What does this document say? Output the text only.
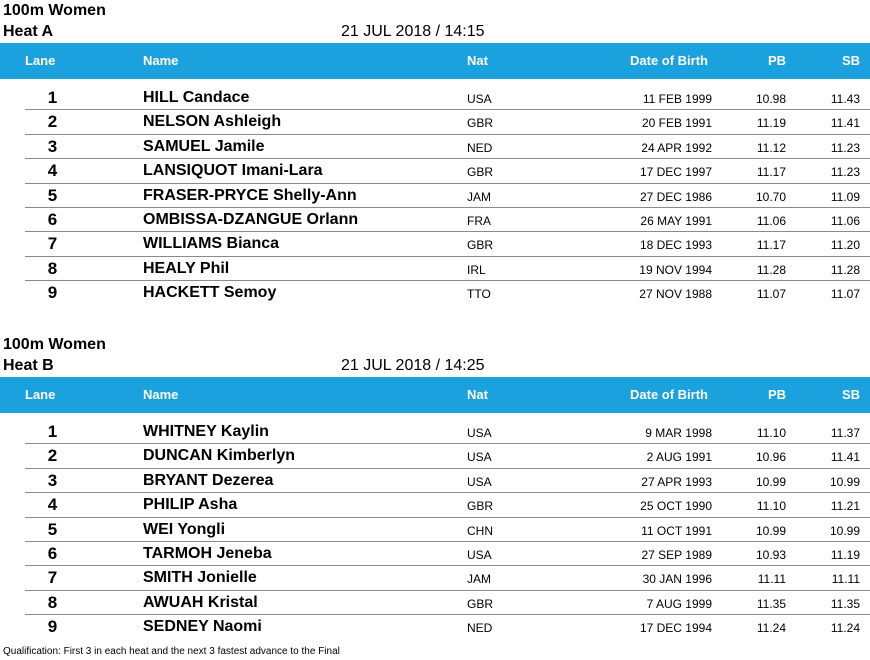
100m Women
Heat A	21 JUL 2018 / 14:15
Lane	Name	Nat	Date of Birth	PB	SB
1	HILL Candace	USA	11 FEB 1999	10.98	11.43
2	NELSON Ashleigh	GBR	20 FEB 1991	11.19	11.41
3	SAMUEL Jamile	NED	24 APR 1992	11.12	11.23
4	LANSIQUOT Imani-Lara	GBR	17 DEC 1997	11.17	11.23
5	FRASER-PRYCE Shelly-Ann	JAM	27 DEC 1986	10.70	11.09
6	OMBISSA-DZANGUE Orlann	FRA	26 MAY 1991	11.06	11.06
7	WILLIAMS Bianca	GBR	18 DEC 1993	11.17	11.20
8	HEALY Phil	IRL	19 NOV 1994	11.28	11.28
9	HACKETT Semoy	TTO	27 NOV 1988	11.07	11.07
100m Women
Heat B	21 JUL 2018 / 14:25
Lane	Name	Nat	Date of Birth	PB	SB
1	WHITNEY Kaylin	USA	9 MAR 1998	11.10	11.37
2	DUNCAN Kimberlyn	USA	2 AUG 1991	10.96	11.41
3	BRYANT Dezerea	USA	27 APR 1993	10.99	10.99
4	PHILIP Asha	GBR	25 OCT 1990	11.10	11.21
5	WEI Yongli	CHN	11 OCT 1991	10.99	10.99
6	TARMOH Jeneba	USA	27 SEP 1989	10.93	11.19
7	SMITH Jonielle	JAM	30 JAN 1996	11.11	11.11
8	AWUAH Kristal	GBR	7 AUG 1999	11.35	11.35
9	SEDNEY Naomi	NED	17 DEC 1994	11.24	11.24
Qualification: First 3 in each heat and the next 3 fastest advance to the Final
